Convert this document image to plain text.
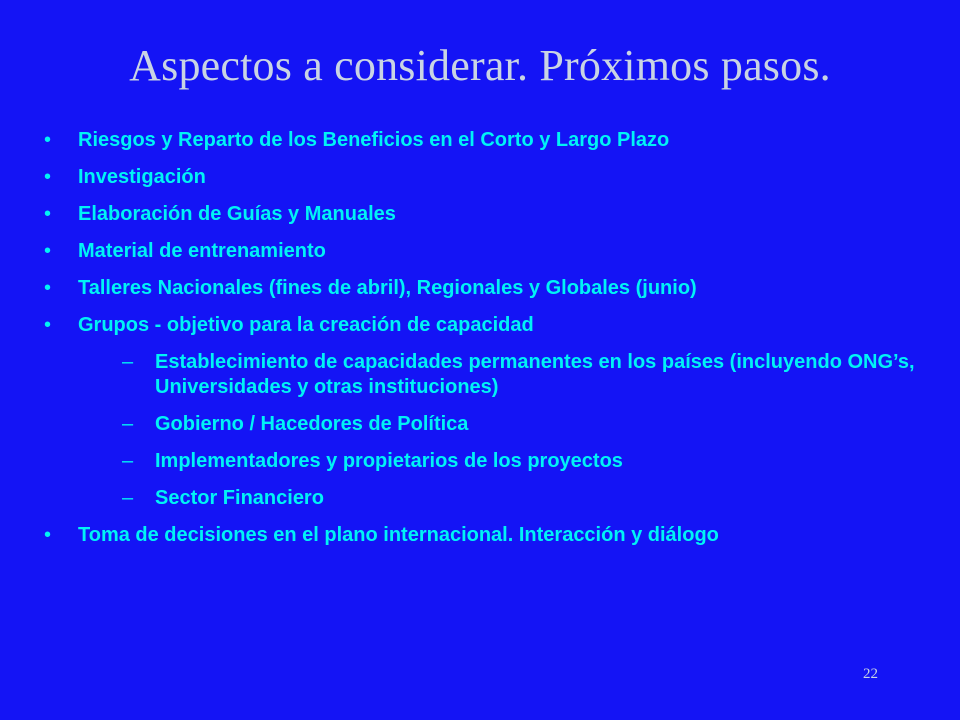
Aspectos a considerar. Próximos pasos.
• Riesgos y Reparto de los Beneficios en el Corto y Largo Plazo
• Investigación
• Elaboración de Guías y Manuales
• Material de entrenamiento
• Talleres Nacionales (fines de abril), Regionales y Globales (junio)
• Grupos - objetivo para la creación de capacidad
– Establecimiento de capacidades permanentes en los países (incluyendo ONG’s, Universidades y otras instituciones)
– Gobierno / Hacedores de Política
– Implementadores y propietarios de los proyectos
– Sector Financiero
• Toma de decisiones en el plano internacional. Interacción y diálogo
22
